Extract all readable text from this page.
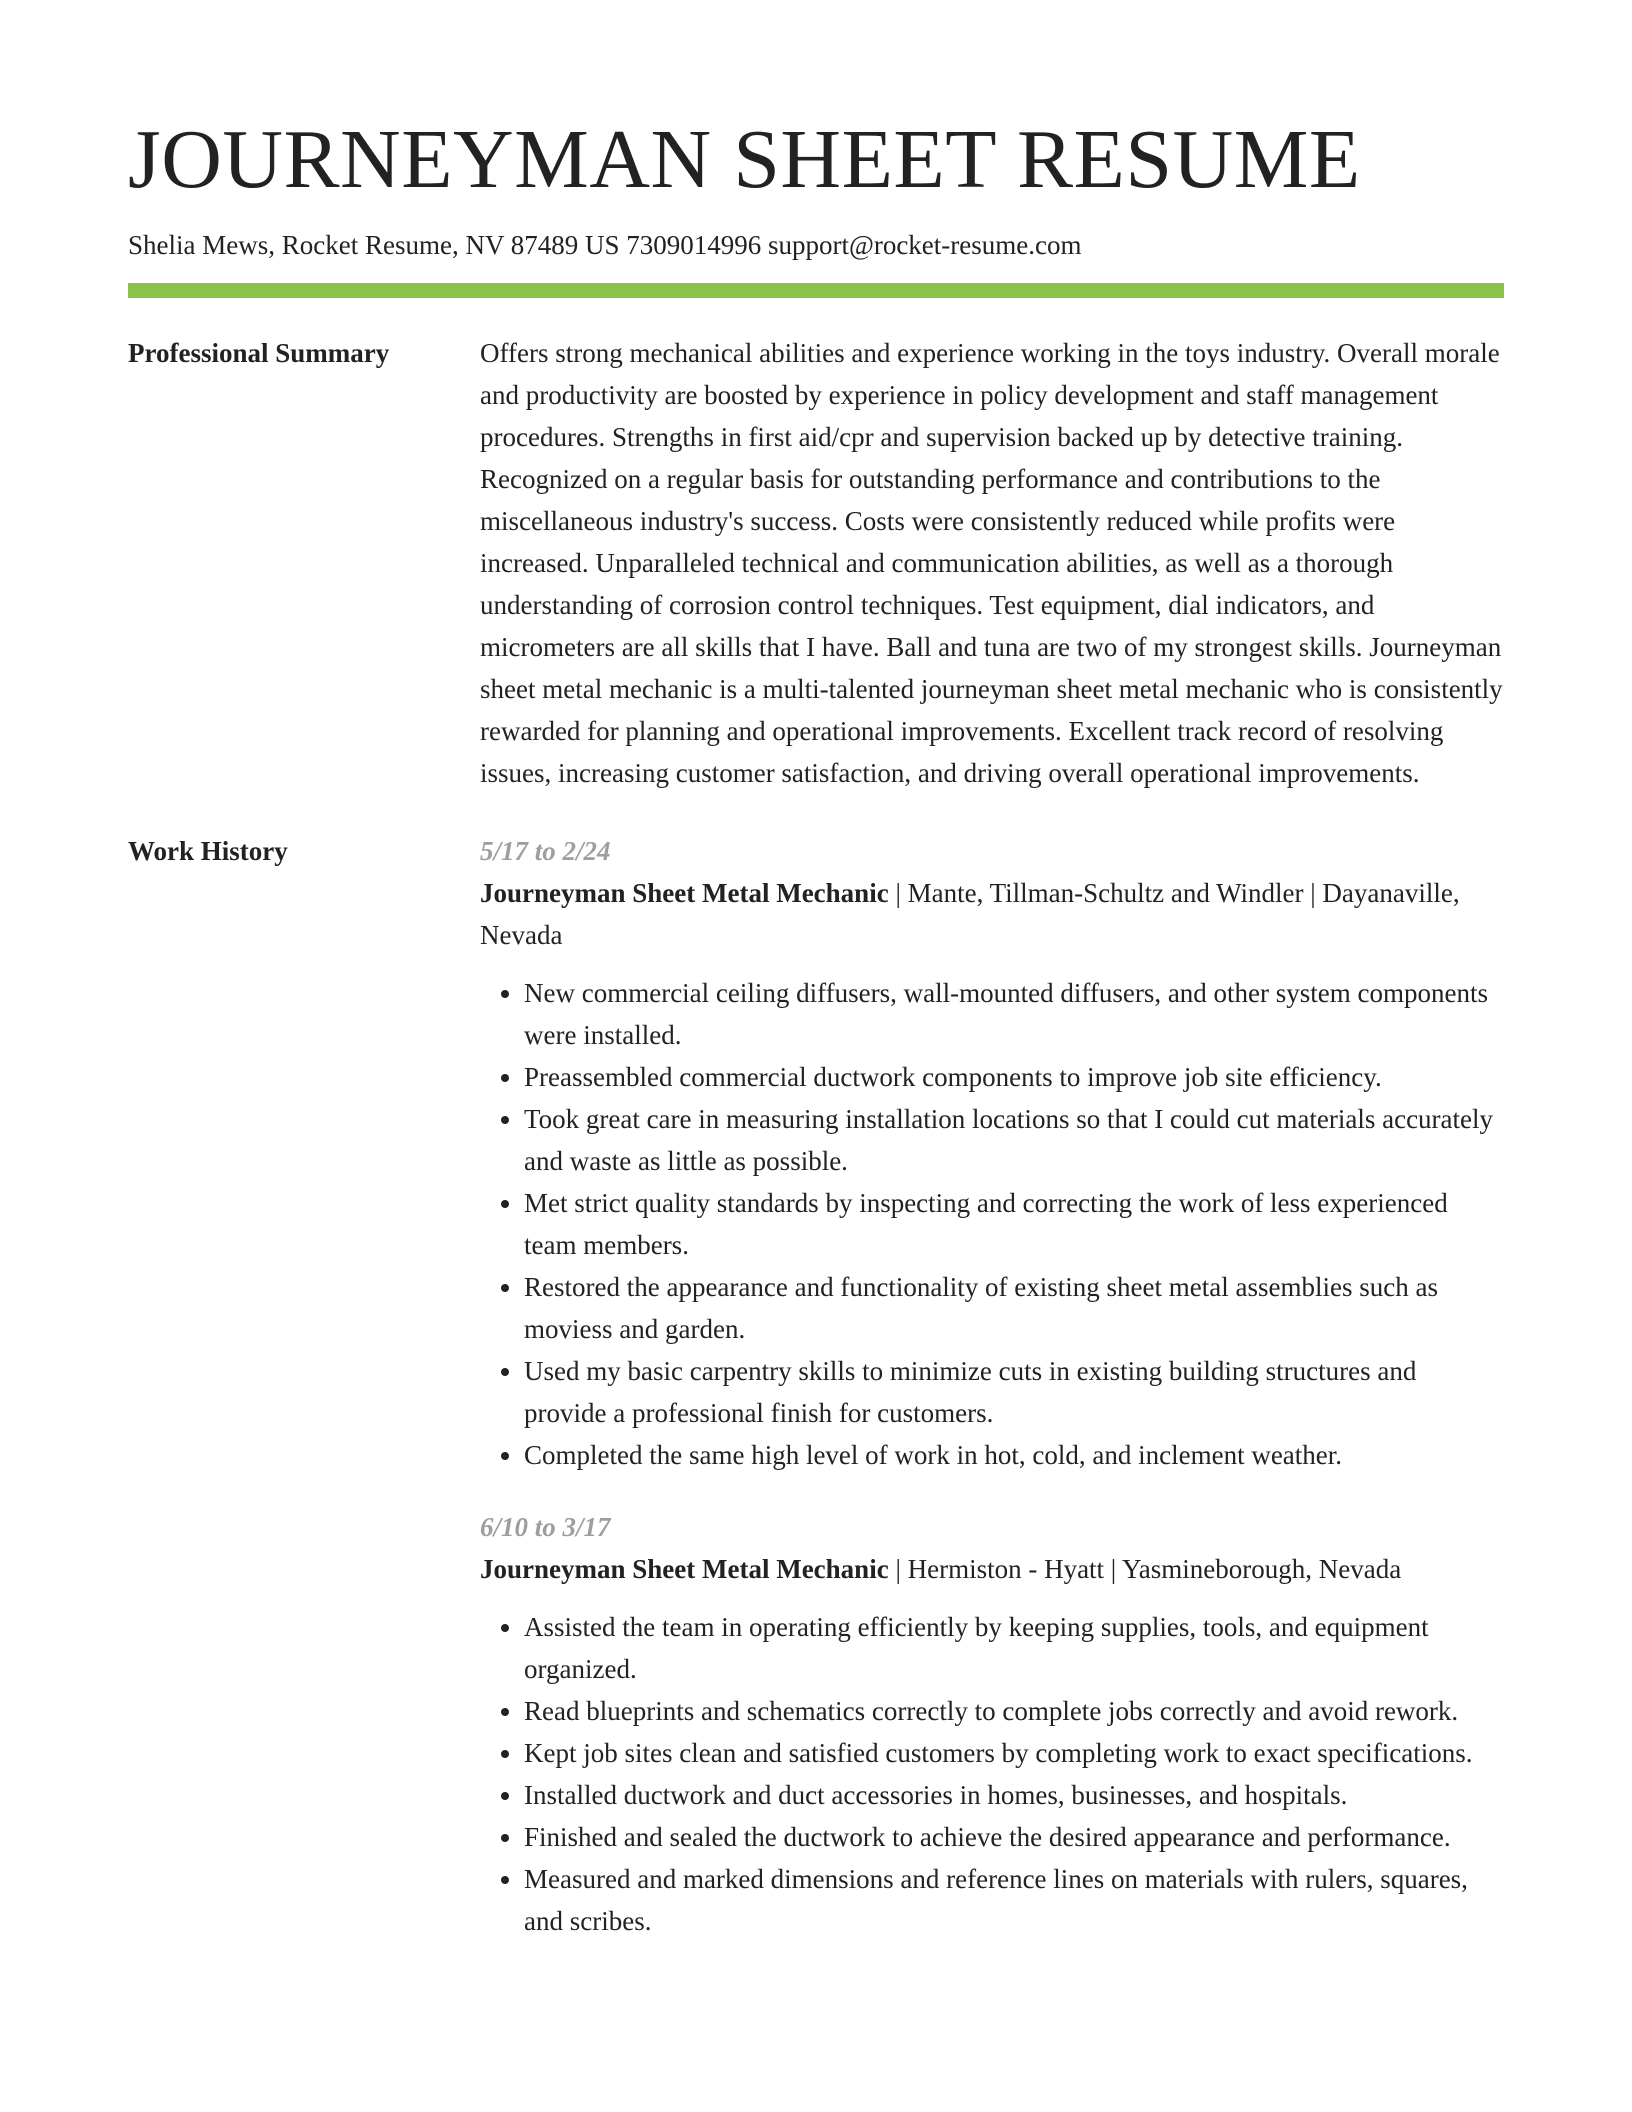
JOURNEYMAN SHEET RESUME
Shelia Mews, Rocket Resume, NV 87489 US 7309014996 support@rocket-resume.com
Professional Summary	Offers strong mechanical abilities and experience working in the toys industry. Overall morale and productivity are boosted by experience in policy development and staff management procedures. Strengths in first aid/cpr and supervision backed up by detective training. Recognized on a regular basis for outstanding performance and contributions to the miscellaneous industry's success. Costs were consistently reduced while profits were increased. Unparalleled technical and communication abilities, as well as a thorough understanding of corrosion control techniques. Test equipment, dial indicators, and micrometers are all skills that I have. Ball and tuna are two of my strongest skills. Journeyman sheet metal mechanic is a multi-talented journeyman sheet metal mechanic who is consistently rewarded for planning and operational improvements. Excellent track record of resolving issues, increasing customer satisfaction, and driving overall operational improvements.

Work History	5/17 to 2/24
Journeyman Sheet Metal Mechanic | Mante, Tillman-Schultz and Windler | Dayanaville, Nevada
• New commercial ceiling diffusers, wall-mounted diffusers, and other system components were installed.
• Preassembled commercial ductwork components to improve job site efficiency.
• Took great care in measuring installation locations so that I could cut materials accurately and waste as little as possible.
• Met strict quality standards by inspecting and correcting the work of less experienced team members.
• Restored the appearance and functionality of existing sheet metal assemblies such as moviess and garden.
• Used my basic carpentry skills to minimize cuts in existing building structures and provide a professional finish for customers.
• Completed the same high level of work in hot, cold, and inclement weather.
6/10 to 3/17
Journeyman Sheet Metal Mechanic | Hermiston - Hyatt | Yasmineborough, Nevada
• Assisted the team in operating efficiently by keeping supplies, tools, and equipment organized.
• Read blueprints and schematics correctly to complete jobs correctly and avoid rework.
• Kept job sites clean and satisfied customers by completing work to exact specifications.
• Installed ductwork and duct accessories in homes, businesses, and hospitals.
• Finished and sealed the ductwork to achieve the desired appearance and performance.
• Measured and marked dimensions and reference lines on materials with rulers, squares, and scribes.
